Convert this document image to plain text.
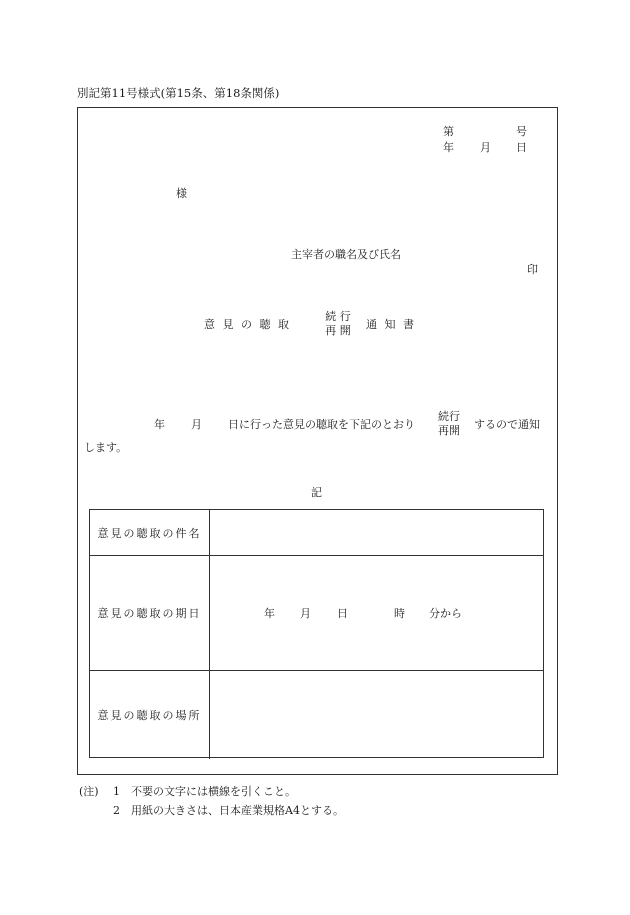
別記第11号様式(第15条、第18条関係)
第	号
年 月 日
様
主宰者の職名及び氏名
印
意 見 の 聴 取
続 行
再 開	通 知 書
年 月 日に行った意見の聴取を下記のとおり
続行
再開	するので通知
します。
記
意見の聴取の件名
意見の聴取の期日	年 月 日	時 分から
意見の聴取の場所
(注) 1 不要の文字には横線を引くこと。
2 用紙の大きさは、日本産業規格A4とする。
